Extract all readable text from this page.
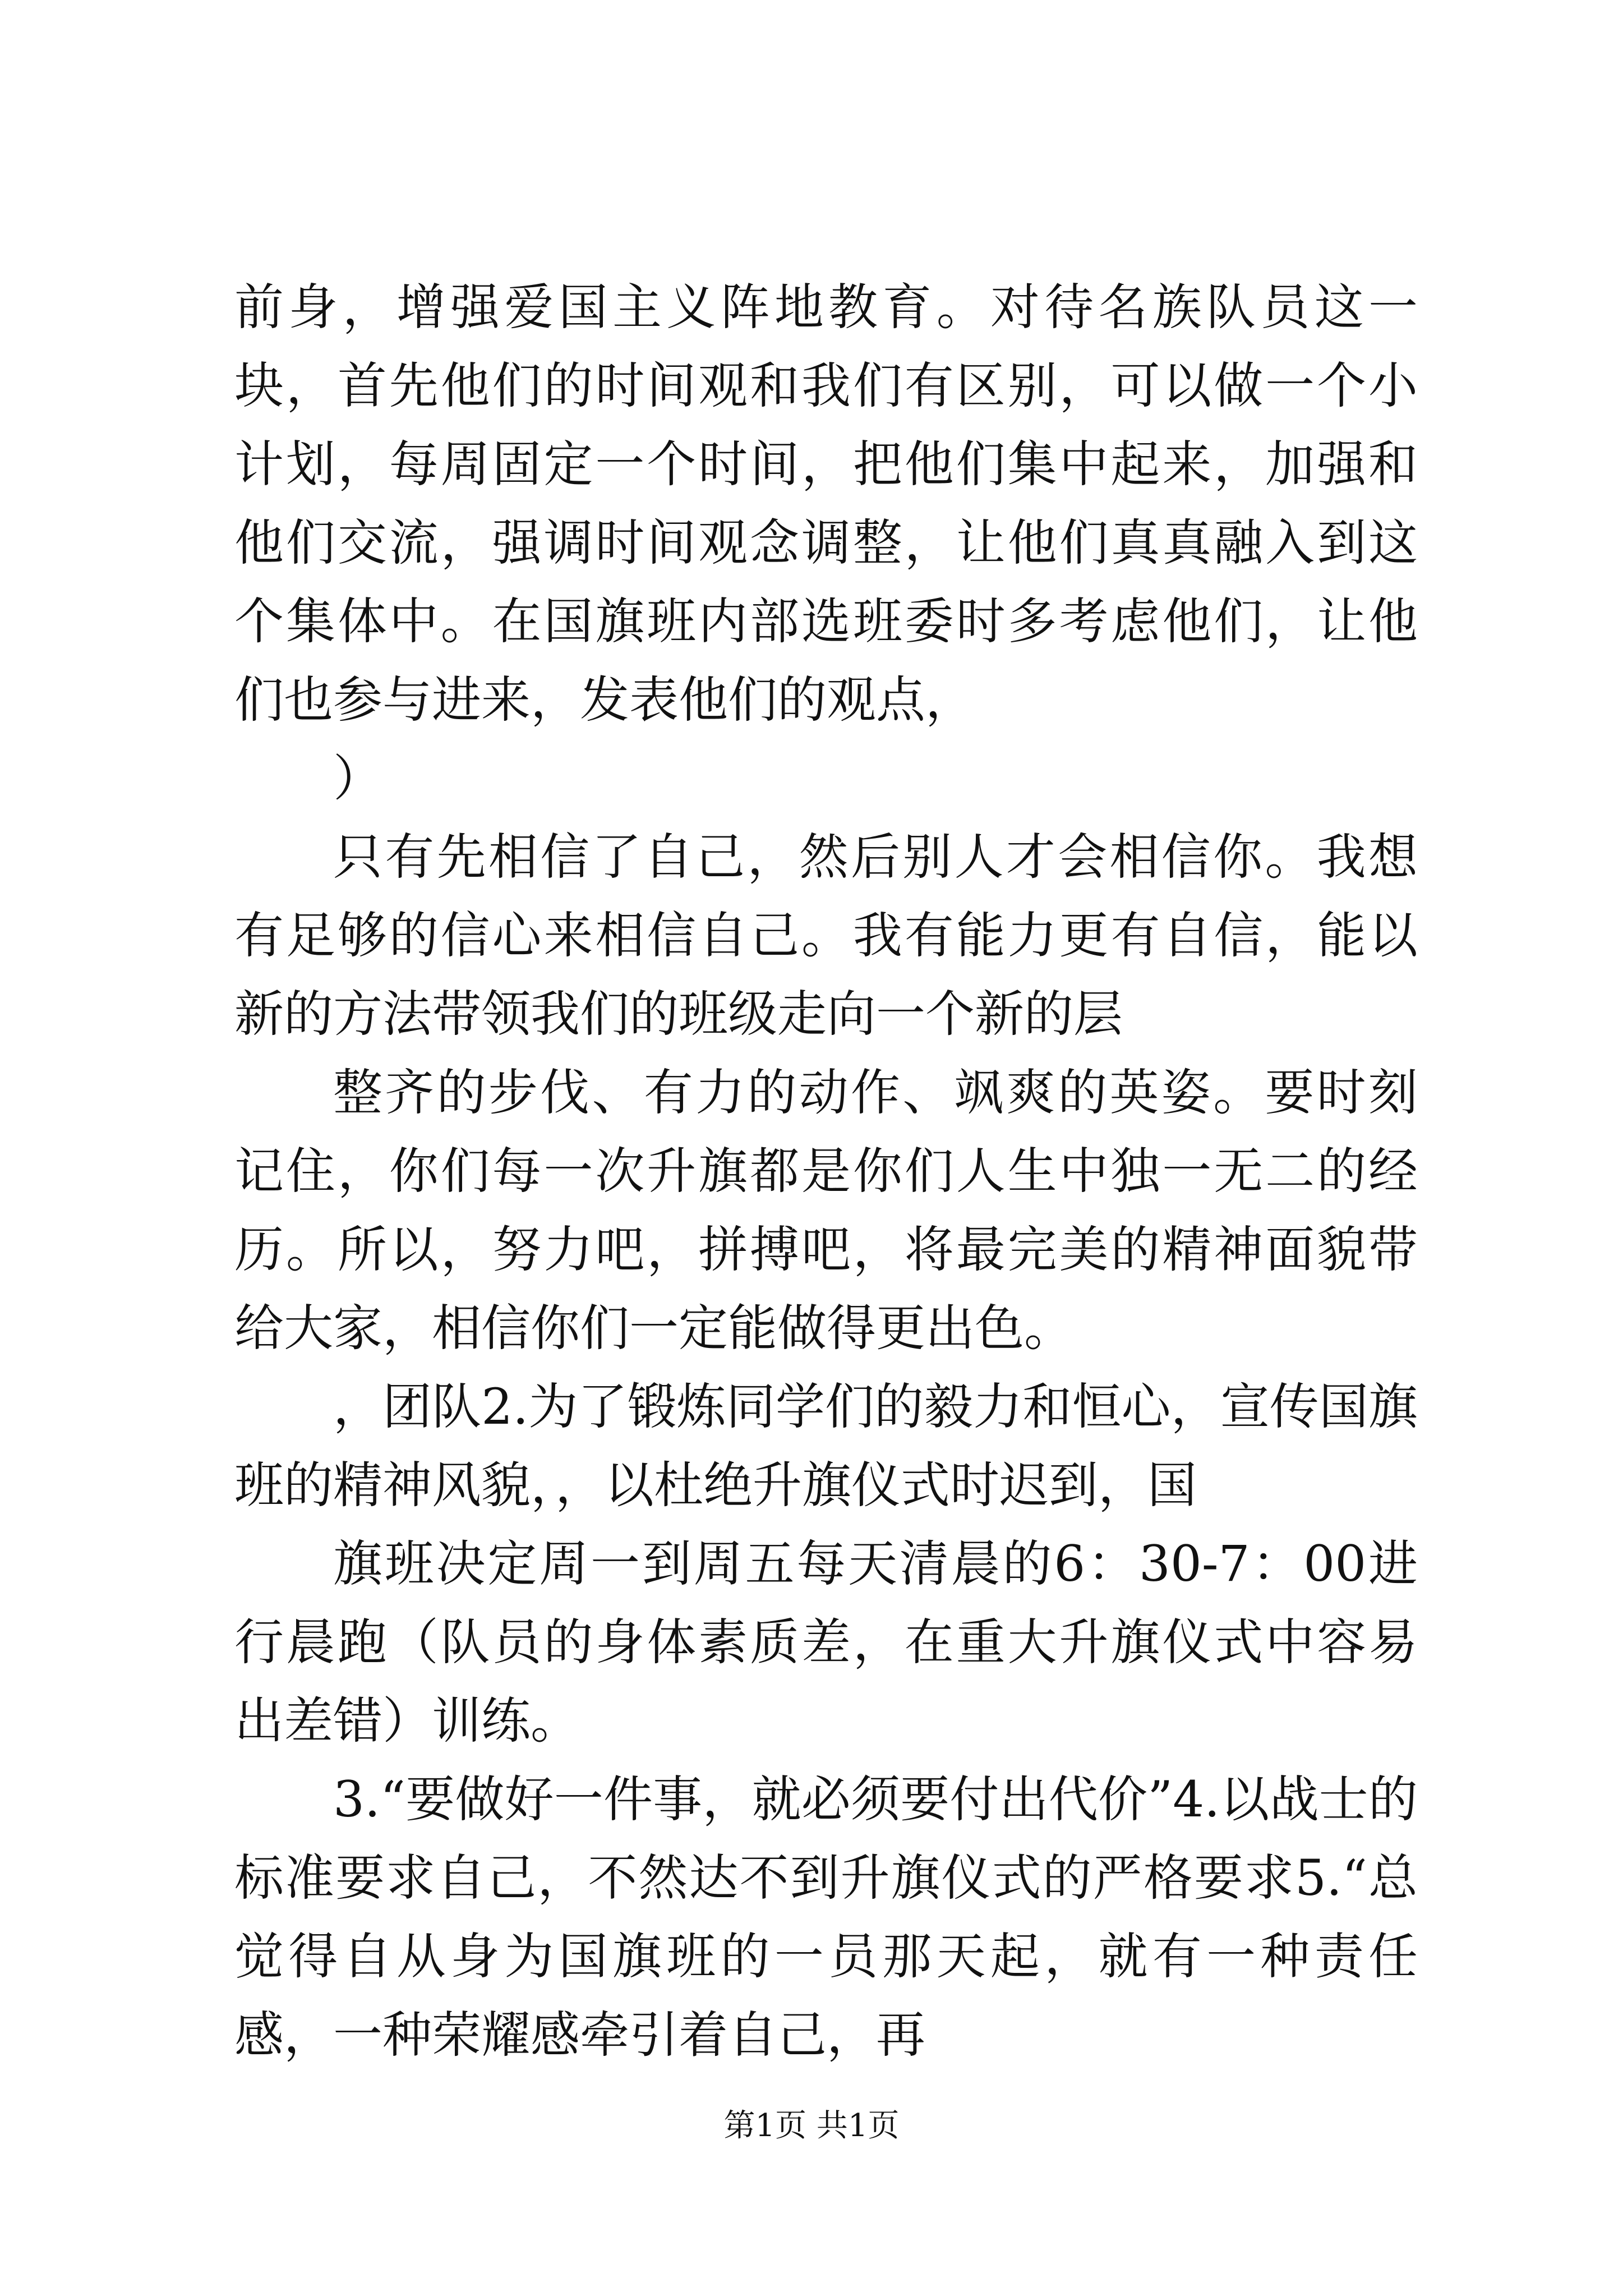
前身，增强爱国主义阵地教育。对待名族队员这一块，首先他们的时间观和我们有区别，可以做一个小计划，每周固定一个时间，把他们集中起来，加强和他们交流，强调时间观念调整，让他们真真融入到这个集体中。在国旗班内部选班委时多考虑他们，让他们也参与进来，发表他们的观点，

）

只有先相信了自己，然后别人才会相信你。我想有足够的信心来相信自己。我有能力更有自信，能以新的方法带领我们的班级走向一个新的层

整齐的步伐、有力的动作、飒爽的英姿。要时刻记住，你们每一次升旗都是你们人生中独一无二的经历。所以，努力吧，拼搏吧，将最完美的精神面貌带给大家，相信你们一定能做得更出色。

，团队2.为了锻炼同学们的毅力和恒心，宣传国旗班的精神风貌，，以杜绝升旗仪式时迟到，国

旗班决定周一到周五每天清晨的6：30-7：00进行晨跑（队员的身体素质差，在重大升旗仪式中容易出差错）训练。

3.“要做好一件事，就必须要付出代价”4.以战士的标准要求自己，不然达不到升旗仪式的严格要求5.“总觉得自从身为国旗班的一员那天起，就有一种责任感，一种荣耀感牵引着自己，再

第1页 共1页
